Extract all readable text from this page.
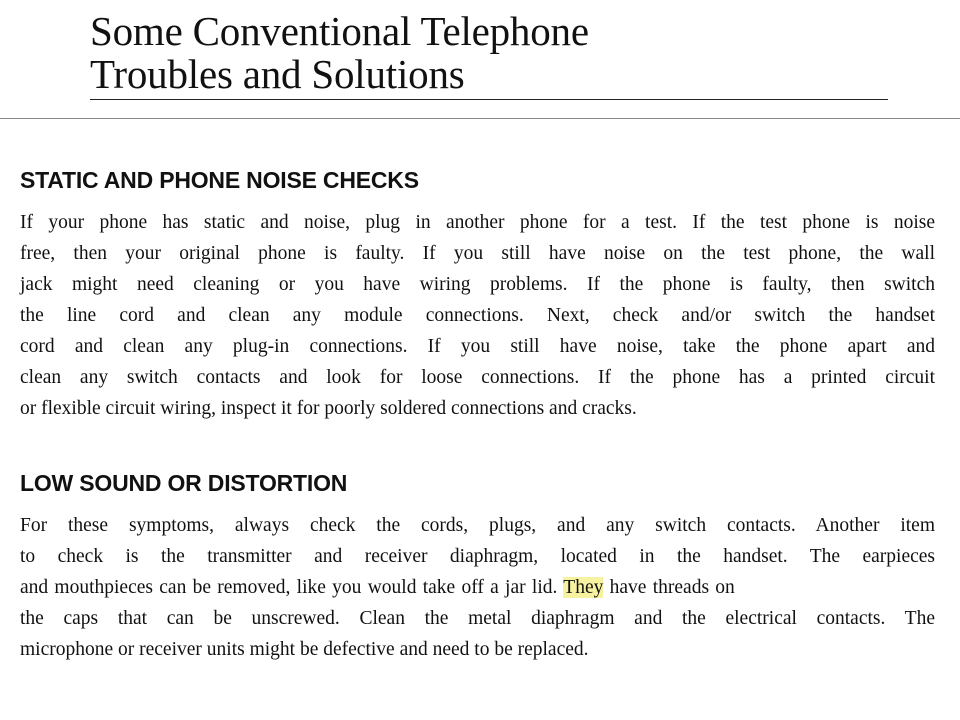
Some Conventional Telephone
Troubles and Solutions
STATIC AND PHONE NOISE CHECKS

If your phone has static and noise, plug in another phone for a test. If the test phone is noise
free, then your original phone is faulty. If you still have noise on the test phone, the wall
jack might need cleaning or you have wiring problems. If the phone is faulty, then switch
the line cord and clean any module connections. Next, check and/or switch the handset
cord and clean any plug-in connections. If you still have noise, take the phone apart and
clean any switch contacts and look for loose connections. If the phone has a printed circuit
or flexible circuit wiring, inspect it for poorly soldered connections and cracks.

LOW SOUND OR DISTORTION

For these symptoms, always check the cords, plugs, and any switch contacts. Another item
to check is the transmitter and receiver diaphragm, located in the handset. The earpieces
and mouthpieces can be removed, like you would take off a jar lid. They have threads on
the caps that can be unscrewed. Clean the metal diaphragm and the electrical contacts. The
microphone or receiver units might be defective and need to be replaced.
